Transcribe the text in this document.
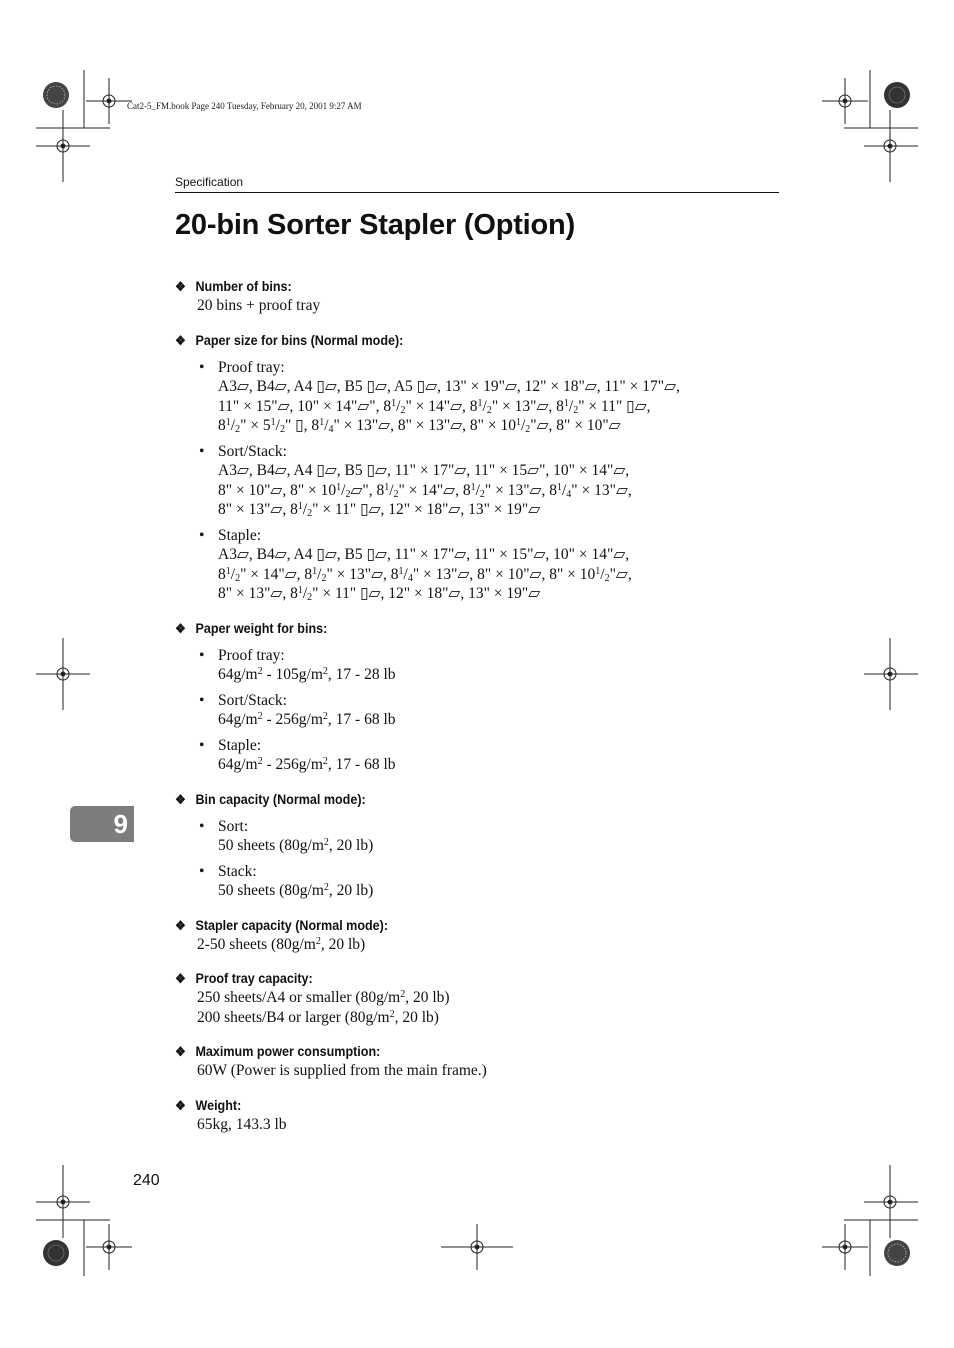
Cat2-5_FM.book Page 240 Tuesday, February 20, 2001 9:27 AM
Specification
20-bin Sorter Stapler (Option)
❖ Number of bins:
20 bins + proof tray
❖ Paper size for bins (Normal mode):
• Proof tray:
A3▱, B4▱, A4 ▯▱, B5 ▯▱, A5 ▯▱, 13" × 19"▱, 12" × 18"▱, 11" × 17"▱,
11" × 15"▱, 10" × 14"▱", $8^1/_2$" × 14"▱, $8^1/_2$" × 13"▱, $8^1/_2$" × 11" ▯▱,
$8^1/_2$" × $5^1/_2$" ▯, $8^1/_4$" × 13"▱, 8" × 13"▱, 8" × $10^1/_2"▱$, 8" × 10"▱
• Sort/Stack:
A3▱, B4▱, A4 ▯▱, B5 ▯▱, 11" × 17"▱, 11" × 15▱", 10" × 14"▱,
8" × 10"▱, 8" × $10^1/_2▱$", $8^1/_2$" × 14"▱, $8^1/_2$" × 13"▱, $8^1/_4$" × 13"▱,
8" × 13"▱, $8^1/_2$" × 11" ▯▱, 12" × 18"▱, 13" × 19"▱
• Staple:
A3▱, B4▱, A4 ▯▱, B5 ▯▱, 11" × 17"▱, 11" × 15"▱, 10" × 14"▱,
$8^1/_2$" × 14"▱, $8^1/_2$" × 13"▱, $8^1/_4$" × 13"▱, 8" × 10"▱, 8" × $10^1/_2"▱$,
8" × 13"▱, $8^1/_2$" × 11" ▯▱, 12" × 18"▱, 13" × 19"▱
❖ Paper weight for bins:
• Proof tray:
$64g/m^2 - 105g/m^2$, 17 - 28 lb
• Sort/Stack:
$64g/m^2 - 256g/m^2$, 17 - 68 lb
• Staple:
$64g/m^2 - 256g/m^2$, 17 - 68 lb
❖ Bin capacity (Normal mode):
• Sort:
50 sheets ($80g/m^2$, 20 lb)
• Stack:
50 sheets ($80g/m^2$, 20 lb)
❖ Stapler capacity (Normal mode):
2-50 sheets ($80g/m^2$, 20 lb)
❖ Proof tray capacity:
250 sheets/A4 or smaller ($80g/m^2$, 20 lb)
200 sheets/B4 or larger ($80g/m^2$, 20 lb)
❖ Maximum power consumption:
60W (Power is supplied from the main frame.)
❖ Weight:
65kg, 143.3 lb
9
240
